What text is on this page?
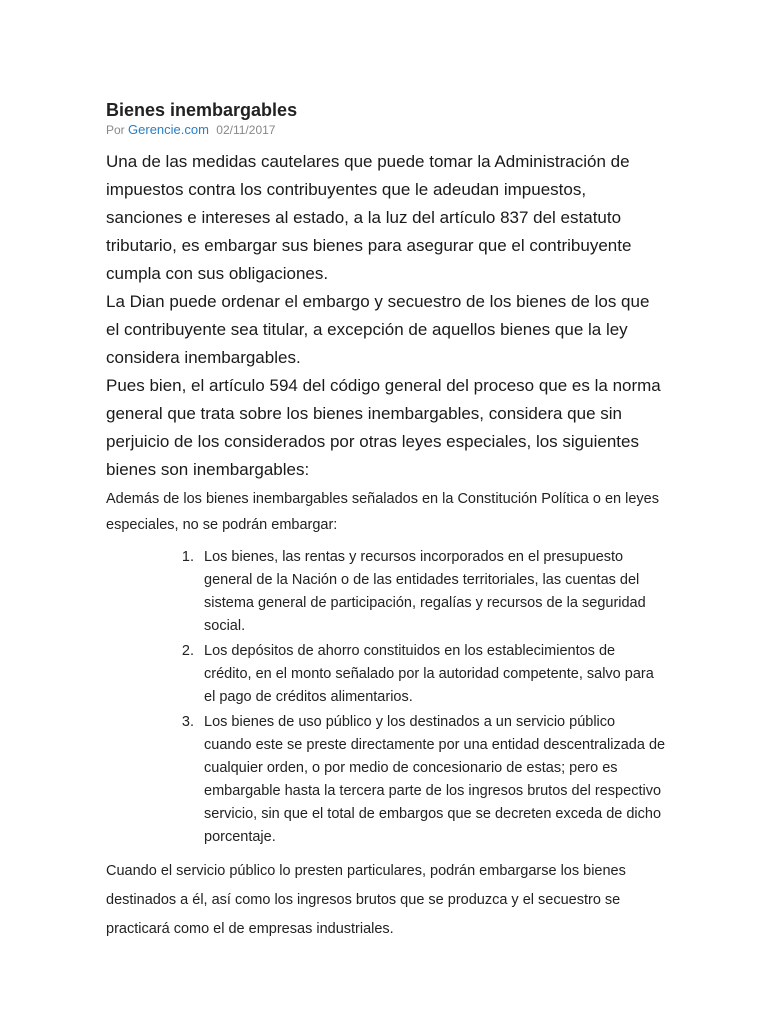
Bienes inembargables
Por Gerencie.com 02/11/2017

Una de las medidas cautelares que puede tomar la Administración de impuestos contra los contribuyentes que le adeudan impuestos, sanciones e intereses al estado, a la luz del artículo 837 del estatuto tributario, es embargar sus bienes para asegurar que el contribuyente cumpla con sus obligaciones.

La Dian puede ordenar el embargo y secuestro de los bienes de los que el contribuyente sea titular, a excepción de aquellos bienes que la ley considera inembargables.

Pues bien, el artículo 594 del código general del proceso que es la norma general que trata sobre los bienes inembargables, considera que sin perjuicio de los considerados por otras leyes especiales, los siguientes bienes son inembargables:

Además de los bienes inembargables señalados en la Constitución Política o en leyes especiales, no se podrán embargar:

1. Los bienes, las rentas y recursos incorporados en el presupuesto general de la Nación o de las entidades territoriales, las cuentas del sistema general de participación, regalías y recursos de la seguridad social.
2. Los depósitos de ahorro constituidos en los establecimientos de crédito, en el monto señalado por la autoridad competente, salvo para el pago de créditos alimentarios.
3. Los bienes de uso público y los destinados a un servicio público cuando este se preste directamente por una entidad descentralizada de cualquier orden, o por medio de concesionario de estas; pero es embargable hasta la tercera parte de los ingresos brutos del respectivo servicio, sin que el total de embargos que se decreten exceda de dicho porcentaje.

Cuando el servicio público lo presten particulares, podrán embargarse los bienes destinados a él, así como los ingresos brutos que se produzca y el secuestro se practicará como el de empresas industriales.
